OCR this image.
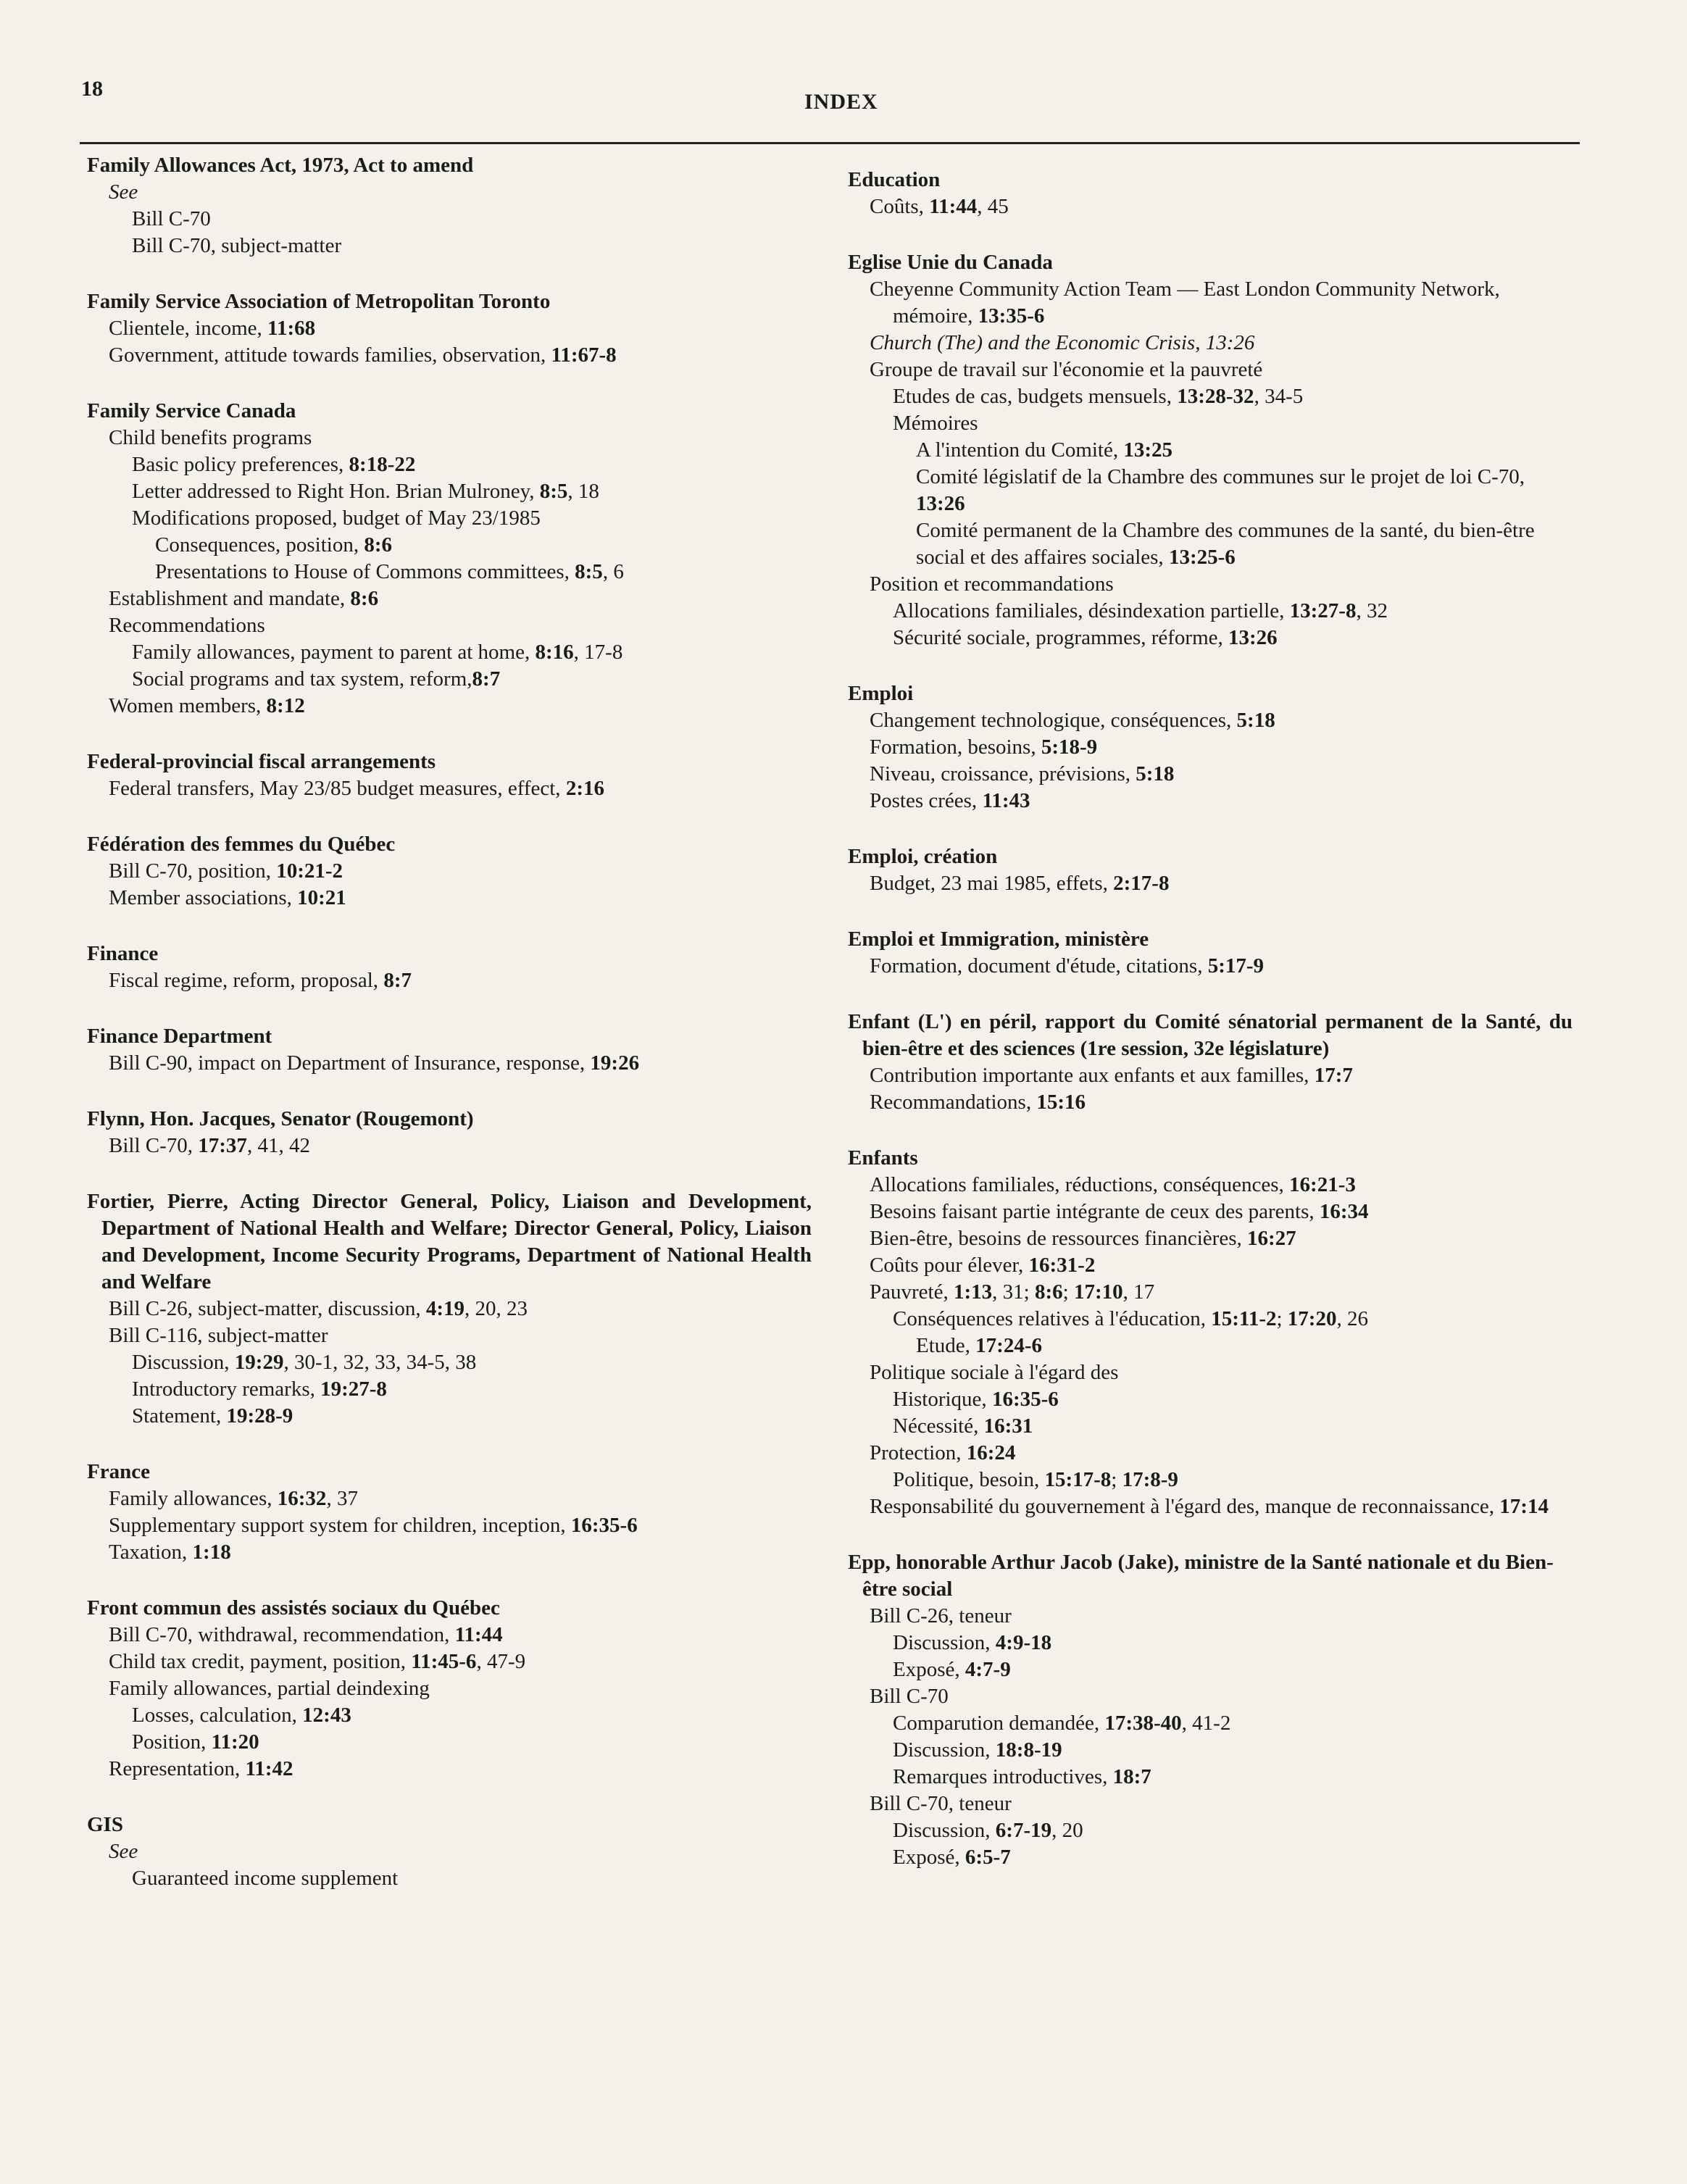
18
INDEX
Family Allowances Act, 1973, Act to amend
See
Bill C-70
Bill C-70, subject-matter
Family Service Association of Metropolitan Toronto
Clientele, income, 11:68
Government, attitude towards families, observation, 11:67-8
Family Service Canada
Child benefits programs
Basic policy preferences, 8:18-22
Letter addressed to Right Hon. Brian Mulroney, 8:5, 18
Modifications proposed, budget of May 23/1985
Consequences, position, 8:6
Presentations to House of Commons committees, 8:5, 6
Establishment and mandate, 8:6
Recommendations
Family allowances, payment to parent at home, 8:16, 17-8
Social programs and tax system, reform,8:7
Women members, 8:12
Federal-provincial fiscal arrangements
Federal transfers, May 23/85 budget measures, effect, 2:16
Fédération des femmes du Québec
Bill C-70, position, 10:21-2
Member associations, 10:21
Finance
Fiscal regime, reform, proposal, 8:7
Finance Department
Bill C-90, impact on Department of Insurance, response, 19:26
Flynn, Hon. Jacques, Senator (Rougemont)
Bill C-70, 17:37, 41, 42
Fortier, Pierre, Acting Director General, Policy, Liaison and Development, Department of National Health and Welfare; Director General, Policy, Liaison and Development, Income Security Programs, Department of National Health and Welfare
Bill C-26, subject-matter, discussion, 4:19, 20, 23
Bill C-116, subject-matter
Discussion, 19:29, 30-1, 32, 33, 34-5, 38
Introductory remarks, 19:27-8
Statement, 19:28-9
France
Family allowances, 16:32, 37
Supplementary support system for children, inception, 16:35-6
Taxation, 1:18
Front commun des assistés sociaux du Québec
Bill C-70, withdrawal, recommendation, 11:44
Child tax credit, payment, position, 11:45-6, 47-9
Family allowances, partial deindexing
Losses, calculation, 12:43
Position, 11:20
Representation, 11:42
GIS
See
Guaranteed income supplement
Education
Coûts, 11:44, 45
Eglise Unie du Canada
Cheyenne Community Action Team — East London Community Network, mémoire, 13:35-6
Church (The) and the Economic Crisis, 13:26
Groupe de travail sur l'économie et la pauvreté
Etudes de cas, budgets mensuels, 13:28-32, 34-5
Mémoires
A l'intention du Comité, 13:25
Comité législatif de la Chambre des communes sur le projet de loi C-70, 13:26
Comité permanent de la Chambre des communes de la santé, du bien-être social et des affaires sociales, 13:25-6
Position et recommandations
Allocations familiales, désindexation partielle, 13:27-8, 32
Sécurité sociale, programmes, réforme, 13:26
Emploi
Changement technologique, conséquences, 5:18
Formation, besoins, 5:18-9
Niveau, croissance, prévisions, 5:18
Postes crées, 11:43
Emploi, création
Budget, 23 mai 1985, effets, 2:17-8
Emploi et Immigration, ministère
Formation, document d'étude, citations, 5:17-9
Enfant (L') en péril, rapport du Comité sénatorial permanent de la Santé, du bien-être et des sciences (1re session, 32e législature)
Contribution importante aux enfants et aux familles, 17:7
Recommandations, 15:16
Enfants
Allocations familiales, réductions, conséquences, 16:21-3
Besoins faisant partie intégrante de ceux des parents, 16:34
Bien-être, besoins de ressources financières, 16:27
Coûts pour élever, 16:31-2
Pauvreté, 1:13, 31; 8:6; 17:10, 17
Conséquences relatives à l'éducation, 15:11-2; 17:20, 26
Etude, 17:24-6
Politique sociale à l'égard des
Historique, 16:35-6
Nécessité, 16:31
Protection, 16:24
Politique, besoin, 15:17-8; 17:8-9
Responsabilité du gouvernement à l'égard des, manque de reconnaissance, 17:14
Epp, honorable Arthur Jacob (Jake), ministre de la Santé nationale et du Bien-être social
Bill C-26, teneur
Discussion, 4:9-18
Exposé, 4:7-9
Bill C-70
Comparution demandée, 17:38-40, 41-2
Discussion, 18:8-19
Remarques introductives, 18:7
Bill C-70, teneur
Discussion, 6:7-19, 20
Exposé, 6:5-7
